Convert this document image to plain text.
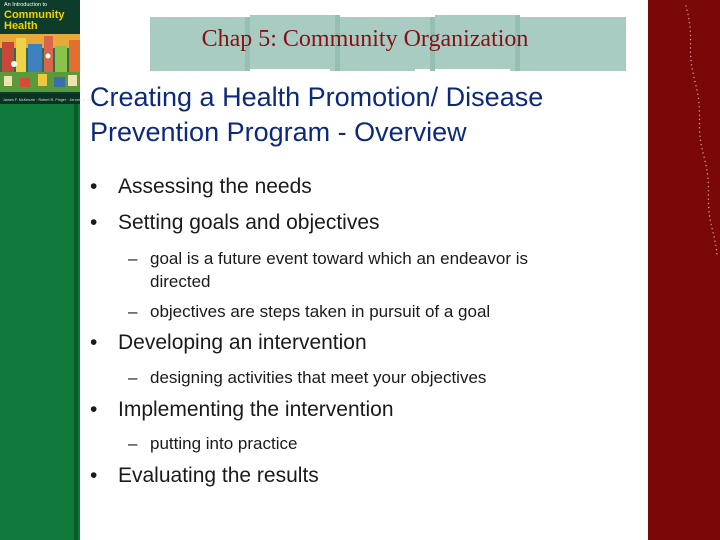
An Introduction to
Community
Health
James F. McKenzie · Robert R. Pinger · Jerome E. Kotecki
Chap 5: Community Organization
Creating a Health Promotion/ Disease
Prevention Program - Overview
• Assessing the needs
• Setting goals and objectives
– goal is a future event toward which an endeavor is
directed
– objectives are steps taken in pursuit of a goal
• Developing an intervention
– designing activities that meet your objectives
• Implementing the intervention
– putting into practice
• Evaluating the results
